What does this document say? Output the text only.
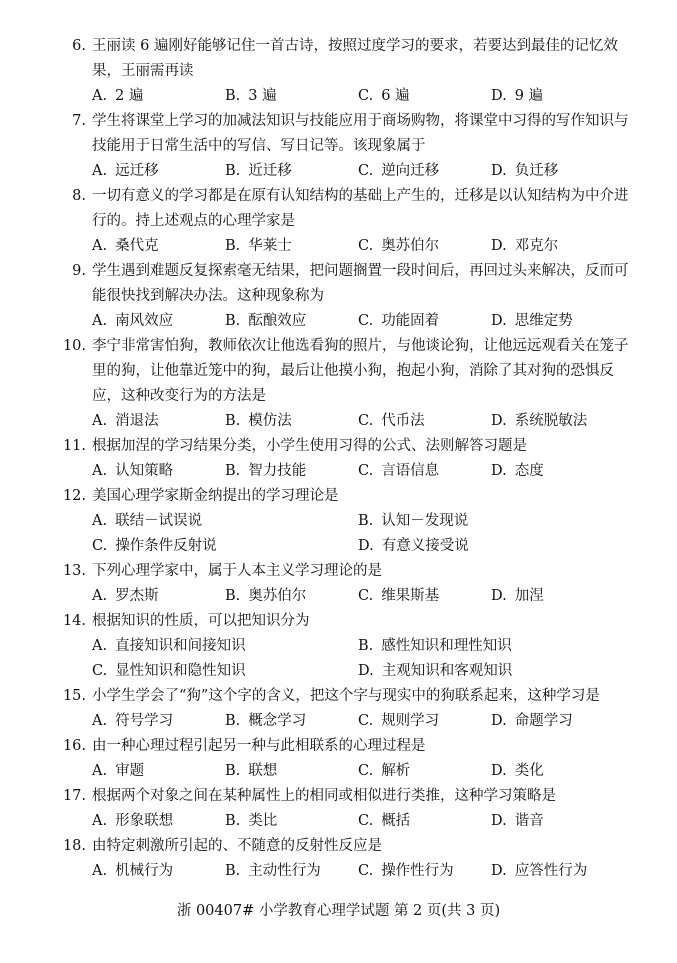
6. 王丽读 6 遍刚好能够记住一首古诗，按照过度学习的要求，若要达到最佳的记忆效果，王丽需再读
A. 2 遍	B. 3 遍	C. 6 遍	D. 9 遍
7. 学生将课堂上学习的加减法知识与技能应用于商场购物，将课堂中习得的写作知识与技能用于日常生活中的写信、写日记等。该现象属于
A. 远迁移	B. 近迁移	C. 逆向迁移	D. 负迁移
8. 一切有意义的学习都是在原有认知结构的基础上产生的，迁移是以认知结构为中介进行的。持上述观点的心理学家是
A. 桑代克	B. 华莱士	C. 奥苏伯尔	D. 邓克尔
9. 学生遇到难题反复探索毫无结果，把问题搁置一段时间后，再回过头来解决，反而可能很快找到解决办法。这种现象称为
A. 南风效应	B. 酝酿效应	C. 功能固着	D. 思维定势
10. 李宁非常害怕狗，教师依次让他选看狗的照片，与他谈论狗，让他远远观看关在笼子里的狗，让他靠近笼中的狗，最后让他摸小狗，抱起小狗，消除了其对狗的恐惧反应，这种改变行为的方法是
A. 消退法	B. 模仿法	C. 代币法	D. 系统脱敏法
11. 根据加涅的学习结果分类，小学生使用习得的公式、法则解答习题是
A. 认知策略	B. 智力技能	C. 言语信息	D. 态度
12. 美国心理学家斯金纳提出的学习理论是
A. 联结－试误说	B. 认知－发现说
C. 操作条件反射说	D. 有意义接受说
13. 下列心理学家中，属于人本主义学习理论的是
A. 罗杰斯	B. 奥苏伯尔	C. 维果斯基	D. 加涅
14. 根据知识的性质，可以把知识分为
A. 直接知识和间接知识	B. 感性知识和理性知识
C. 显性知识和隐性知识	D. 主观知识和客观知识
15. 小学生学会了“狗”这个字的含义，把这个字与现实中的狗联系起来，这种学习是
A. 符号学习	B. 概念学习	C. 规则学习	D. 命题学习
16. 由一种心理过程引起另一种与此相联系的心理过程是
A. 审题	B. 联想	C. 解析	D. 类化
17. 根据两个对象之间在某种属性上的相同或相似进行类推，这种学习策略是
A. 形象联想	B. 类比	C. 概括	D. 谐音
18. 由特定刺激所引起的、不随意的反射性反应是
A. 机械行为	B. 主动性行为	C. 操作性行为	D. 应答性行为
浙 00407# 小学教育心理学试题 第 2 页(共 3 页)
